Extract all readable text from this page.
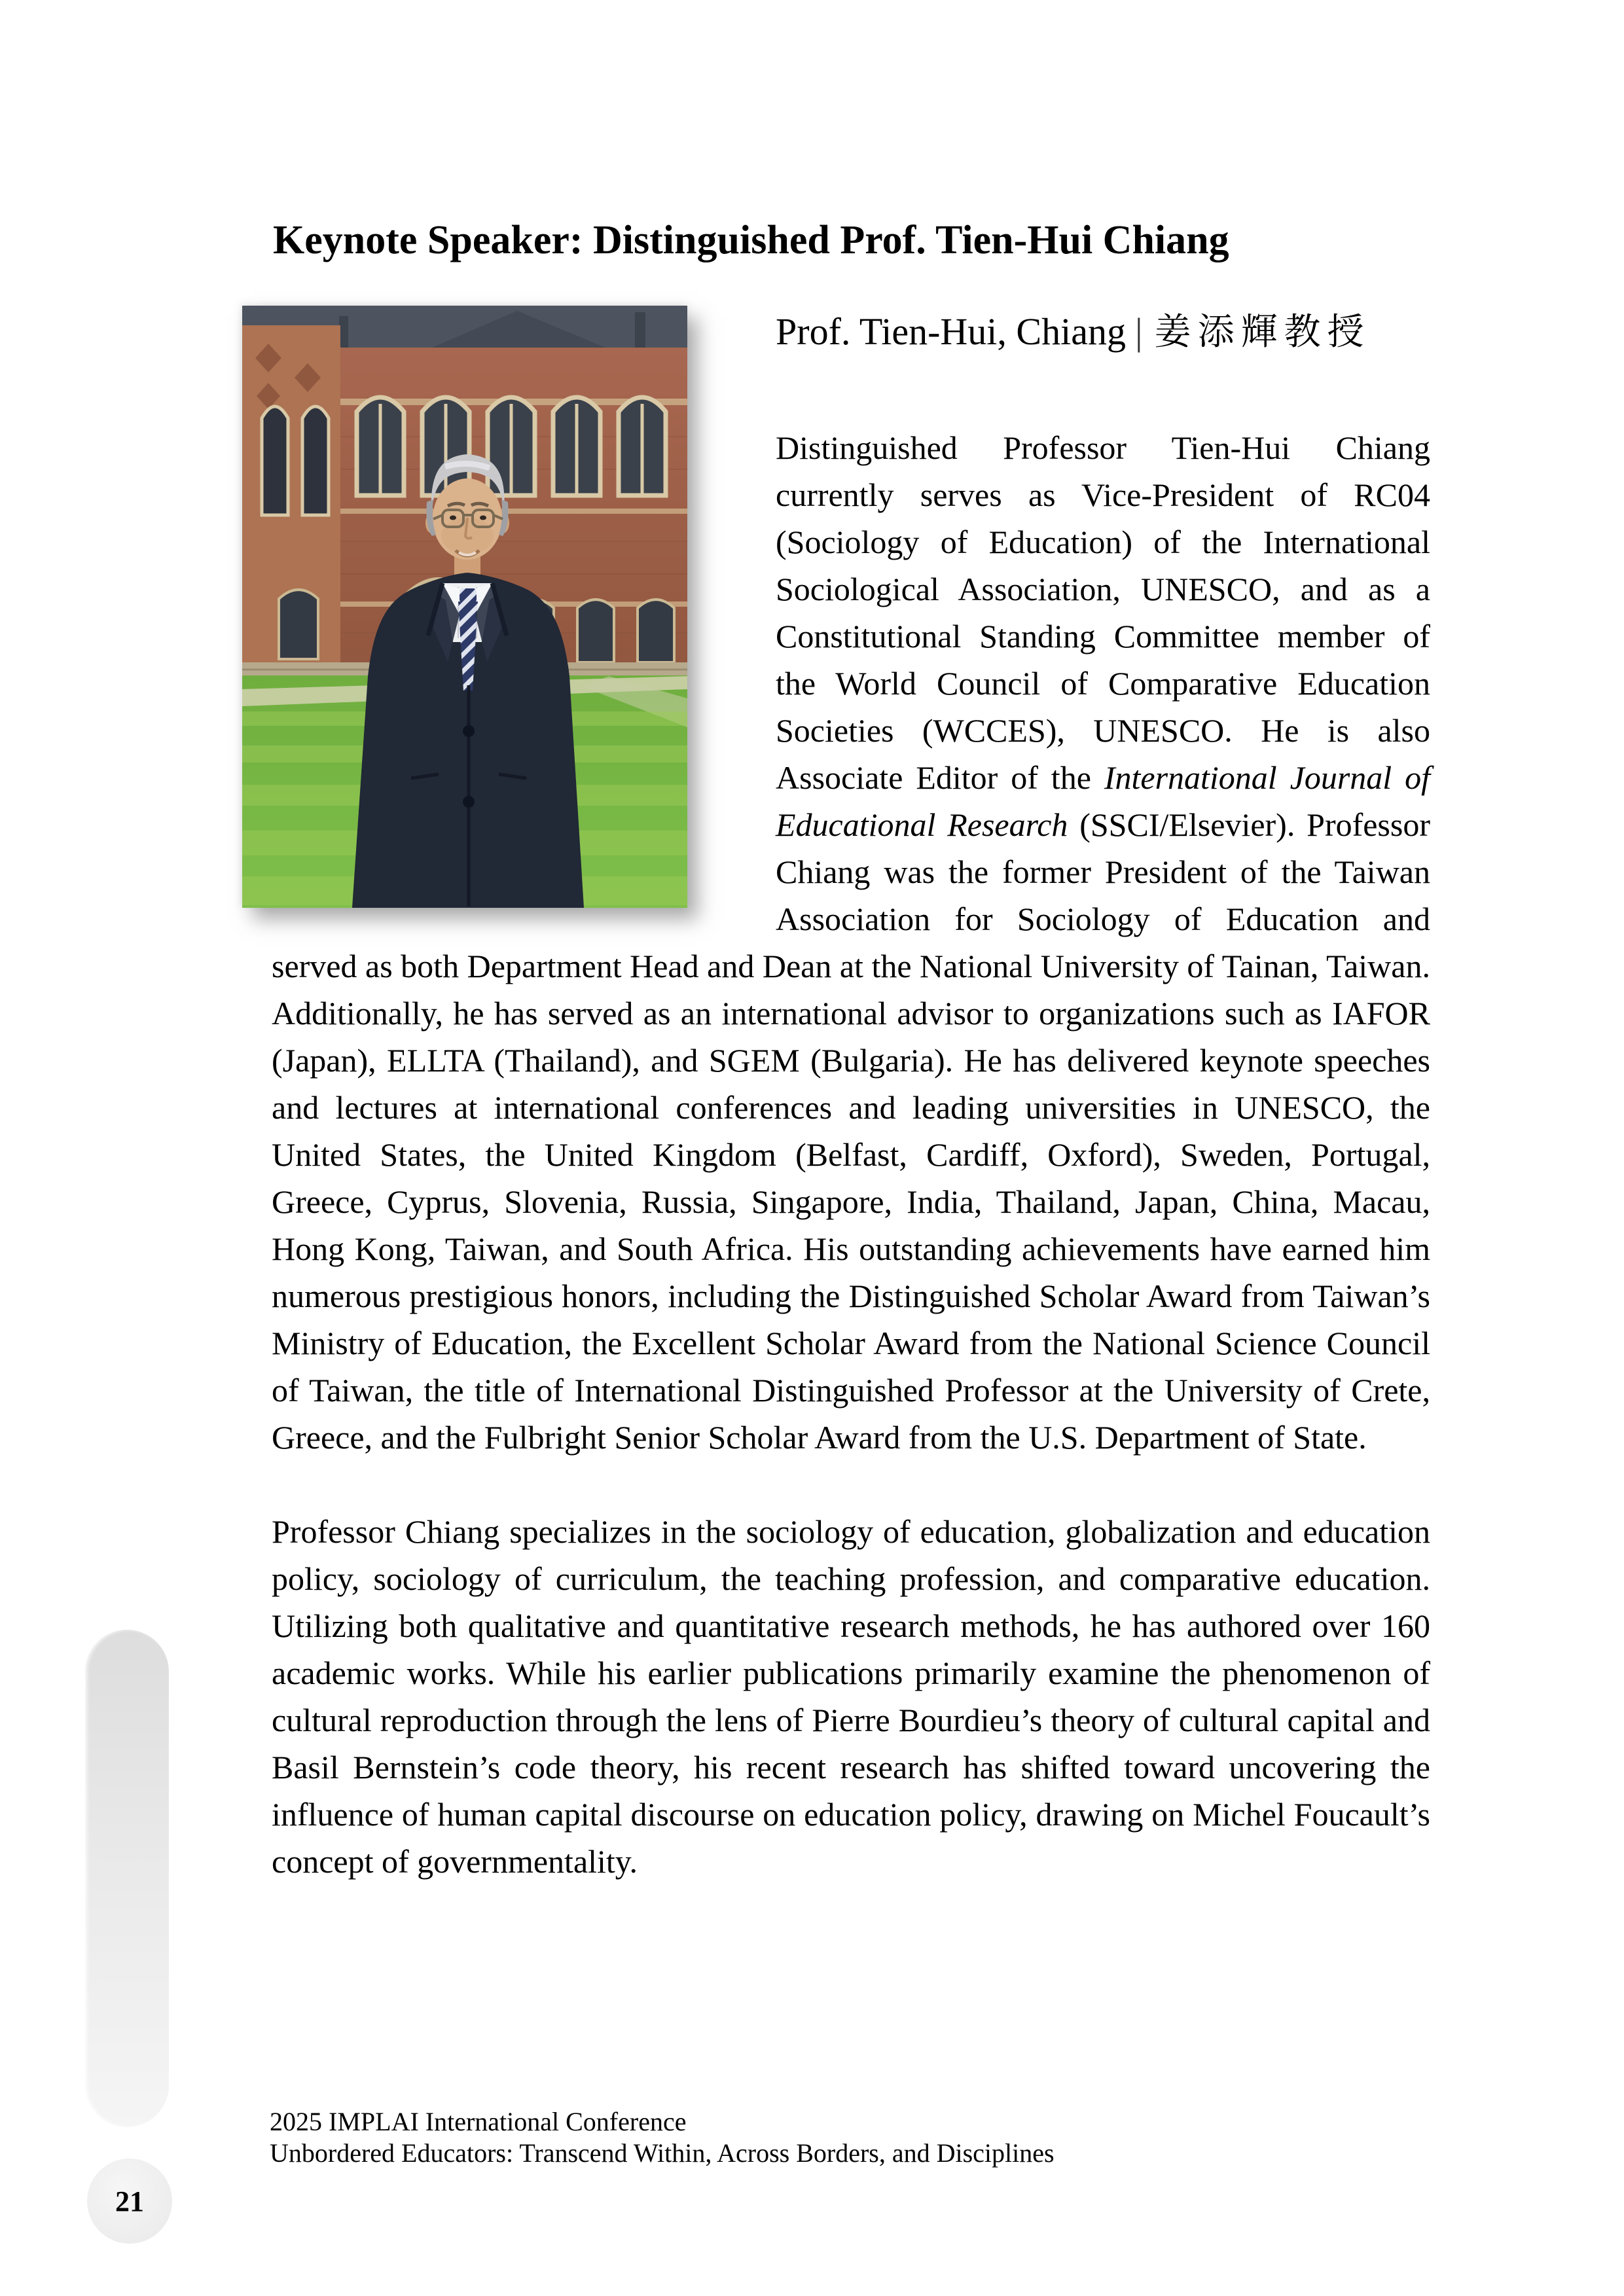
Keynote Speaker: Distinguished Prof. Tien-Hui Chiang
Prof. Tien-Hui, Chiang | 姜添輝教授

Distinguished Professor Tien-Hui Chiang currently serves as Vice-President of RC04 (Sociology of Education) of the International Sociological Association, UNESCO, and as a Constitutional Standing Committee member of the World Council of Comparative Education Societies (WCCES), UNESCO. He is also Associate Editor of the International Journal of Educational Research (SSCI/Elsevier). Professor Chiang was the former President of the Taiwan Association for Sociology of Education and served as both Department Head and Dean at the National University of Tainan, Taiwan. Additionally, he has served as an international advisor to organizations such as IAFOR (Japan), ELLTA (Thailand), and SGEM (Bulgaria). He has delivered keynote speeches and lectures at international conferences and leading universities in UNESCO, the United States, the United Kingdom (Belfast, Cardiff, Oxford), Sweden, Portugal, Greece, Cyprus, Slovenia, Russia, Singapore, India, Thailand, Japan, China, Macau, Hong Kong, Taiwan, and South Africa. His outstanding achievements have earned him numerous prestigious honors, including the Distinguished Scholar Award from Taiwan’s Ministry of Education, the Excellent Scholar Award from the National Science Council of Taiwan, the title of International Distinguished Professor at the University of Crete, Greece, and the Fulbright Senior Scholar Award from the U.S. Department of State.

Professor Chiang specializes in the sociology of education, globalization and education policy, sociology of curriculum, the teaching profession, and comparative education. Utilizing both qualitative and quantitative research methods, he has authored over 160 academic works. While his earlier publications primarily examine the phenomenon of cultural reproduction through the lens of Pierre Bourdieu’s theory of cultural capital and Basil Bernstein’s code theory, his recent research has shifted toward uncovering the influence of human capital discourse on education policy, drawing on Michel Foucault’s concept of governmentality.

2025 IMPLAI International Conference
Unbordered Educators: Transcend Within, Across Borders, and Disciplines
21
